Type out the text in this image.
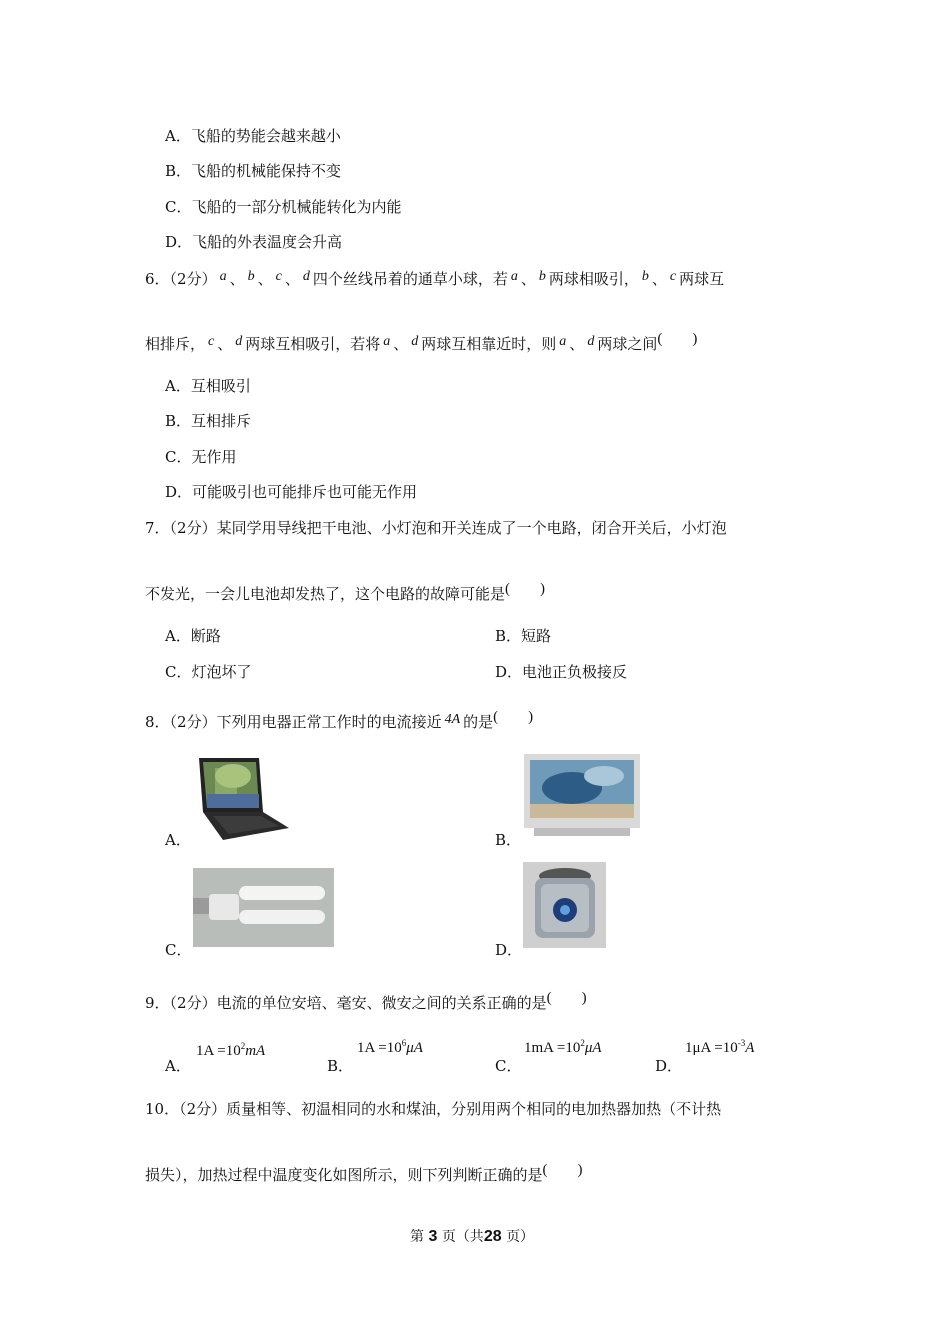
A．飞船的势能会越来越小
B．飞船的机械能保持不变
C．飞船的一部分机械能转化为内能
D．飞船的外表温度会升高
6．（2分） a 、 b 、 c 、 d 四个丝线吊着的通草小球，若 a 、 b 两球相吸引， b 、 c 两球互
相排斥， c 、 d 两球互相吸引，若将 a 、 d 两球互相靠近时，则 a 、 d 两球之间(　　)
A．互相吸引
B．互相排斥
C．无作用
D．可能吸引也可能排斥也可能无作用
7．（2分）某同学用导线把干电池、小灯泡和开关连成了一个电路，闭合开关后，小灯泡
不发光，一会儿电池却发热了，这个电路的故障可能是(　　)
A．断路	B．短路
C．灯泡坏了	D．电池正负极接反
8．（2分）下列用电器正常工作时的电流接近 4A 的是(　　)
A．	B．
C．	D．
9．（2分）电流的单位安培、毫安、微安之间的关系正确的是(　　)
A．
$1A =10^2mA$
B．
$1A =10^6\mu A$
C．
$1mA =10^2\mu A$
D．
$1\mu A =10^{-3}A$
10．（2分）质量相等、初温相同的水和煤油，分别用两个相同的电加热器加热（不计热
损失），加热过程中温度变化如图所示，则下列判断正确的是(　　)
第 3 页（共28 页）
